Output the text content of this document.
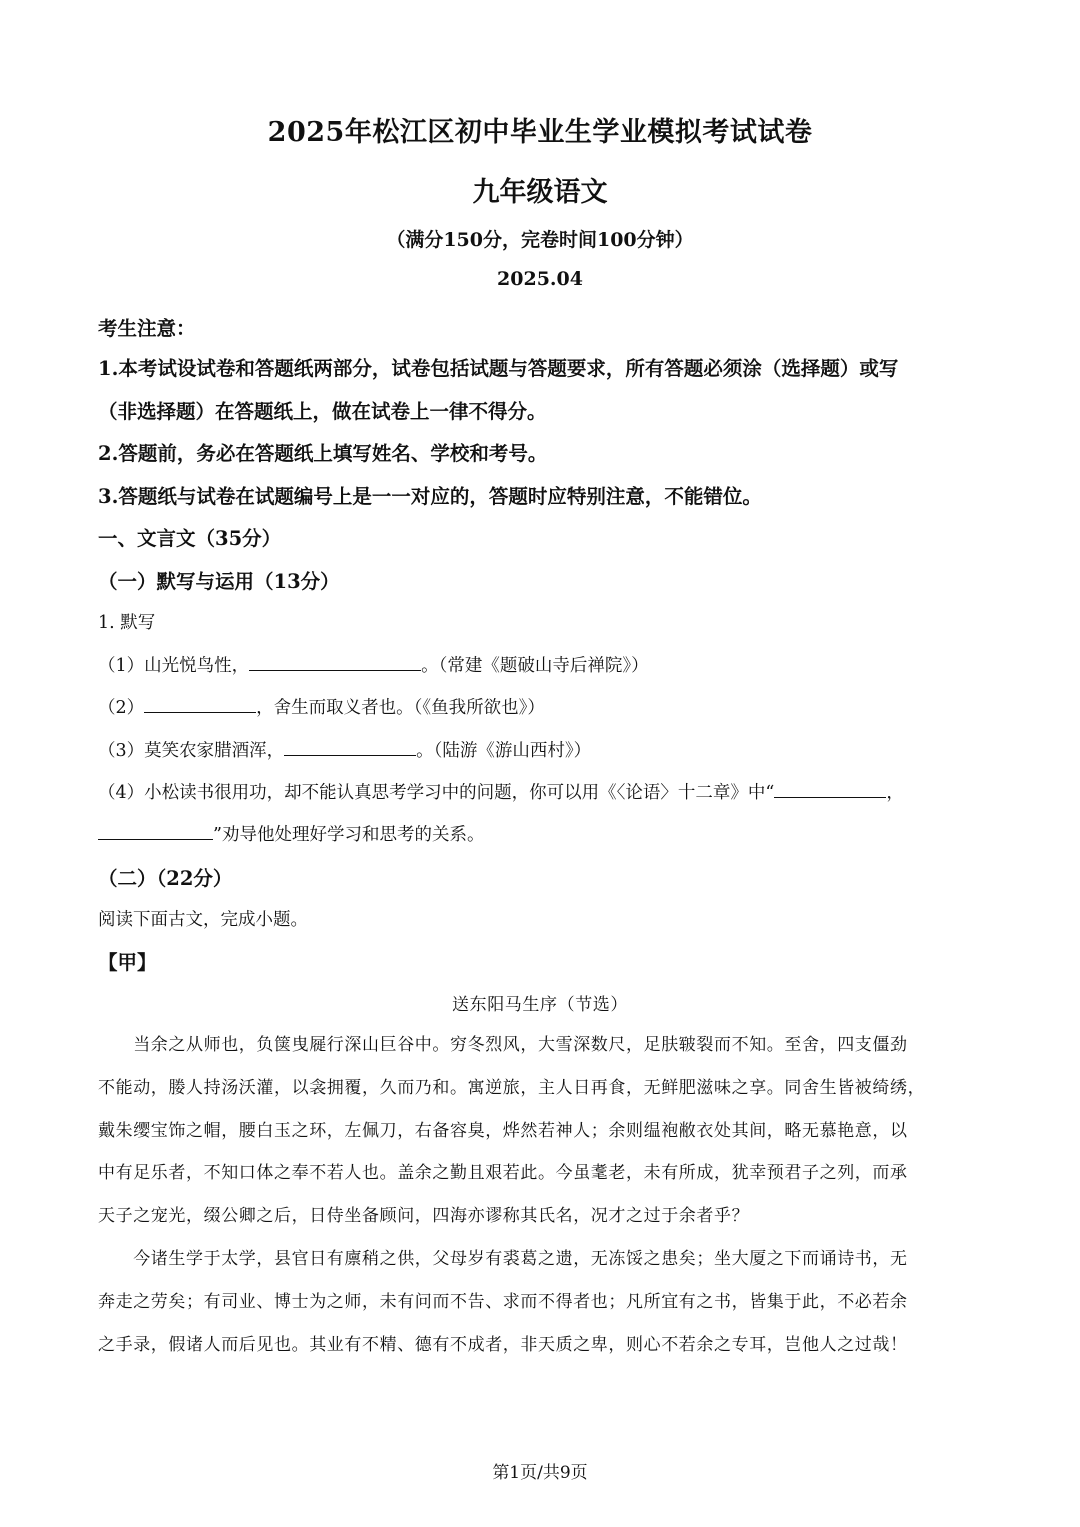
2025年松江区初中毕业生学业模拟考试试卷
九年级语文
（满分150分，完卷时间100分钟）
2025.04
考生注意：
1.本考试设试卷和答题纸两部分，试卷包括试题与答题要求，所有答题必须涂（选择题）或写
（非选择题）在答题纸上，做在试卷上一律不得分。
2.答题前，务必在答题纸上填写姓名、学校和考号。
3.答题纸与试卷在试题编号上是一一对应的，答题时应特别注意，不能错位。
一、文言文（35分）
（一）默写与运用（13分）
1. 默写
（1）山光悦鸟性，	。（常建《题破山寺后禅院》）
（2）	，舍生而取义者也。（《鱼我所欲也》）
（3）莫笑农家腊酒浑，	。（陆游《游山西村》）
（4）小松读书很用功，却不能认真思考学习中的问题，你可以用《〈论语〉十二章》中“	，
”劝导他处理好学习和思考的关系。
（二）（22分）
阅读下面古文，完成小题。
【甲】
送东阳马生序（节选）
　　当余之从师也，负箧曳屣行深山巨谷中。穷冬烈风，大雪深数尺，足肤皲裂而不知。至舍，四支僵劲
不能动，媵人持汤沃灌，以衾拥覆，久而乃和。寓逆旅，主人日再食，无鲜肥滋味之享。同舍生皆被绮绣，
戴朱缨宝饰之帽，腰白玉之环，左佩刀，右备容臭，烨然若神人；余则缊袍敝衣处其间，略无慕艳意，以
中有足乐者，不知口体之奉不若人也。盖余之勤且艰若此。今虽耄老，未有所成，犹幸预君子之列，而承
天子之宠光，缀公卿之后，日侍坐备顾问，四海亦谬称其氏名，况才之过于余者乎？
　　今诸生学于太学，县官日有廪稍之供，父母岁有裘葛之遗，无冻馁之患矣；坐大厦之下而诵诗书，无
奔走之劳矣；有司业、博士为之师，未有问而不告、求而不得者也；凡所宜有之书，皆集于此，不必若余
之手录，假诸人而后见也。其业有不精、德有不成者，非天质之卑，则心不若余之专耳，岂他人之过哉！
第1页/共9页
